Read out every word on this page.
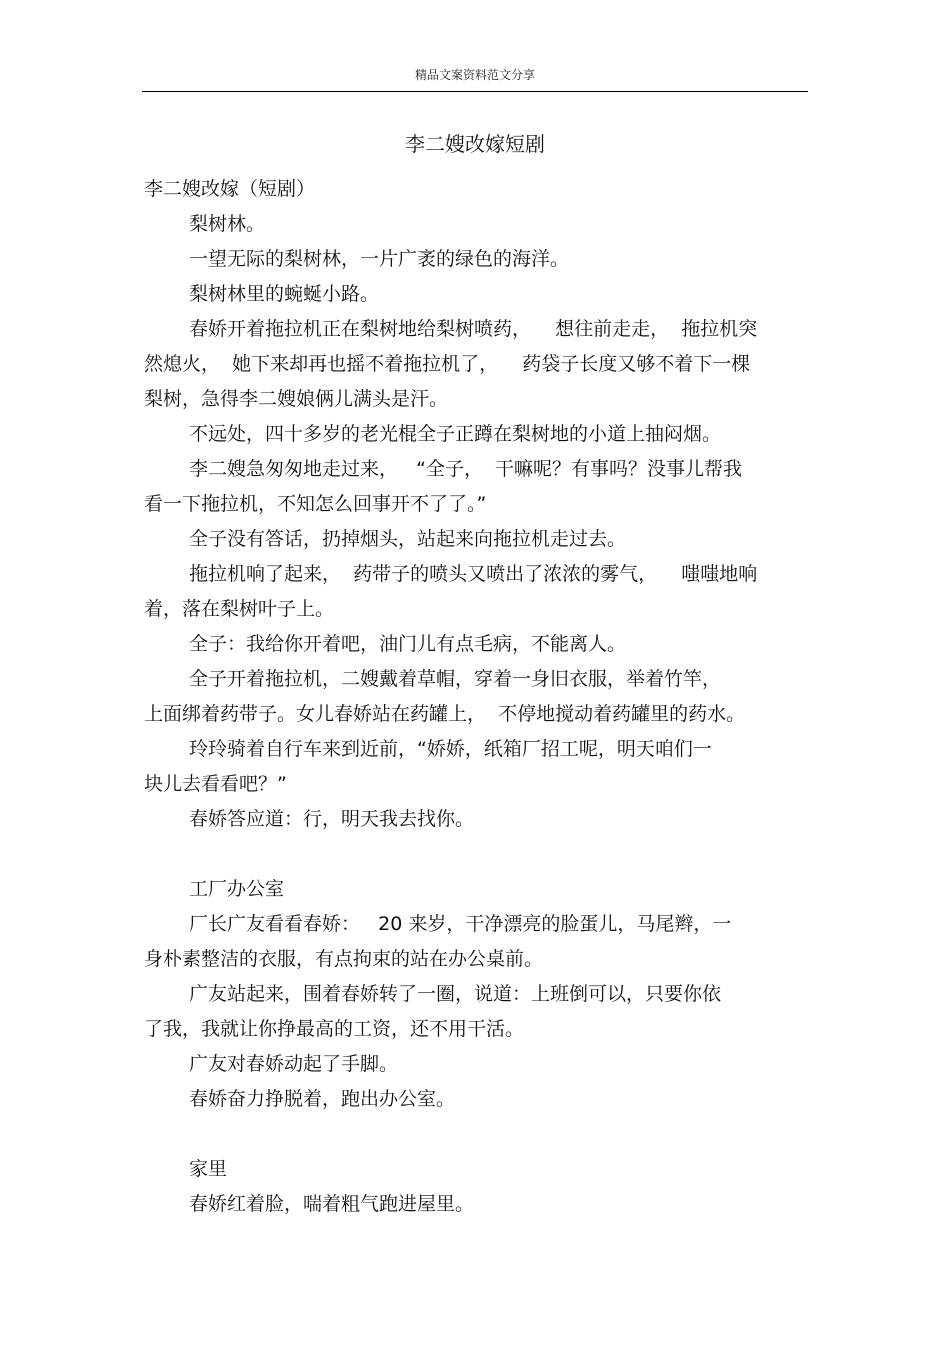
精品文案资料范文分享
李二嫂改嫁短剧

李二嫂改嫁（短剧）

梨树林。

一望无际的梨树林，一片广袤的绿色的海洋。

梨树林里的蜿蜒小路。

春娇开着拖拉机正在梨树地给梨树喷药，    想往前走走，  拖拉机突
然熄火，  她下来却再也摇不着拖拉机了，    药袋子长度又够不着下一棵
梨树，急得李二嫂娘俩儿满头是汗。

不远处，四十多岁的老光棍全子正蹲在梨树地的小道上抽闷烟。

李二嫂急匆匆地走过来，   “全子，  干嘛呢？有事吗？没事儿帮我
看一下拖拉机，不知怎么回事开不了了。”

全子没有答话，扔掉烟头，站起来向拖拉机走过去。

拖拉机响了起来，  药带子的喷头又喷出了浓浓的雾气，    嗤嗤地响
着，落在梨树叶子上。

全子：我给你开着吧，油门儿有点毛病，不能离人。

全子开着拖拉机，二嫂戴着草帽，穿着一身旧衣服，举着竹竿，
上面绑着药带子。女儿春娇站在药罐上，  不停地搅动着药罐里的药水。

玲玲骑着自行车来到近前，“娇娇，纸箱厂招工呢，明天咱们一
块儿去看看吧？”

春娇答应道：行，明天我去找你。

工厂办公室

厂长广友看看春娇：   20 来岁，干净漂亮的脸蛋儿，马尾辫，一
身朴素整洁的衣服，有点拘束的站在办公桌前。

广友站起来，围着春娇转了一圈，说道：上班倒可以，只要你依
了我，我就让你挣最高的工资，还不用干活。

广友对春娇动起了手脚。

春娇奋力挣脱着，跑出办公室。

家里

春娇红着脸，喘着粗气跑进屋里。
